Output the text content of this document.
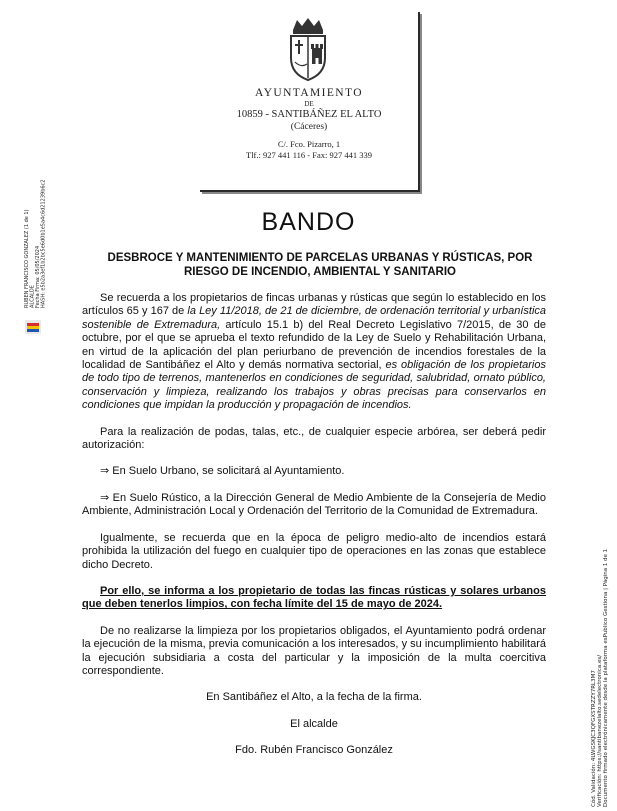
AYUNTAMIENTO
DE
10859 - SANTIBÁÑEZ EL ALTO
(Cáceres)
C/. Fco. Pizarro, 1
Tlf.: 927 441 116 - Fax: 927 441 339
RUBEN FRANCISCO GONZALEZ (1 de 1) ALCALDE Fecha Firma: 05/05/2024 HASH: e5b2a3ef1b2bc5e6d0b1e5a4c6d21239b6c2
Cód. Validación: 4LWGSKJC3QFGXSTRZZY7RL3M7 Verificación: https://santibanezelalto.sedelectronica.es/ Documento firmado electrónicamente desde la plataforma esPublico Gestiona | Página 1 de 1
BANDO
DESBROCE Y MANTENIMIENTO DE PARCELAS URBANAS Y RÚSTICAS, POR
RIESGO DE INCENDIO, AMBIENTAL Y SANITARIO

Se recuerda a los propietarios de fincas urbanas y rústicas que según lo establecido en los artículos 65 y 167 de la Ley 11/2018, de 21 de diciembre, de ordenación territorial y urbanística sostenible de Extremadura, artículo 15.1 b) del Real Decreto Legislativo 7/2015, de 30 de octubre, por el que se aprueba el texto refundido de la Ley de Suelo y Rehabilitación Urbana, en virtud de la aplicación del plan periurbano de prevención de incendios forestales de la localidad de Santibáñez el Alto y demás normativa sectorial, es obligación de los propietarios de todo tipo de terrenos, mantenerlos en condiciones de seguridad, salubridad, ornato público, conservación y limpieza, realizando los trabajos y obras precisas para conservarlos en condiciones que impidan la producción y propagación de incendios.

Para la realización de podas, talas, etc., de cualquier especie arbórea, ser deberá pedir autorización:

⇒ En Suelo Urbano, se solicitará al Ayuntamiento.

⇒ En Suelo Rústico, a la Dirección General de Medio Ambiente de la Consejería de Medio Ambiente, Administración Local y Ordenación del Territorio de la Comunidad de Extremadura.

Igualmente, se recuerda que en la época de peligro medio-alto de incendios estará prohibida la utilización del fuego en cualquier tipo de operaciones en las zonas que establece dicho Decreto.

Por ello, se informa a los propietario de todas las fincas rústicas y solares urbanos que deben tenerlos limpios, con fecha límite del 15 de mayo de 2024.

De no realizarse la limpieza por los propietarios obligados, el Ayuntamiento podrá ordenar la ejecución de la misma, previa comunicación a los interesados, y su incumplimiento habilitará la ejecución subsidiaria a costa del particular y la imposición de la multa coercitiva correspondiente.

En Santibáñez el Alto, a la fecha de la firma.

El alcalde

Fdo. Rubén Francisco González
